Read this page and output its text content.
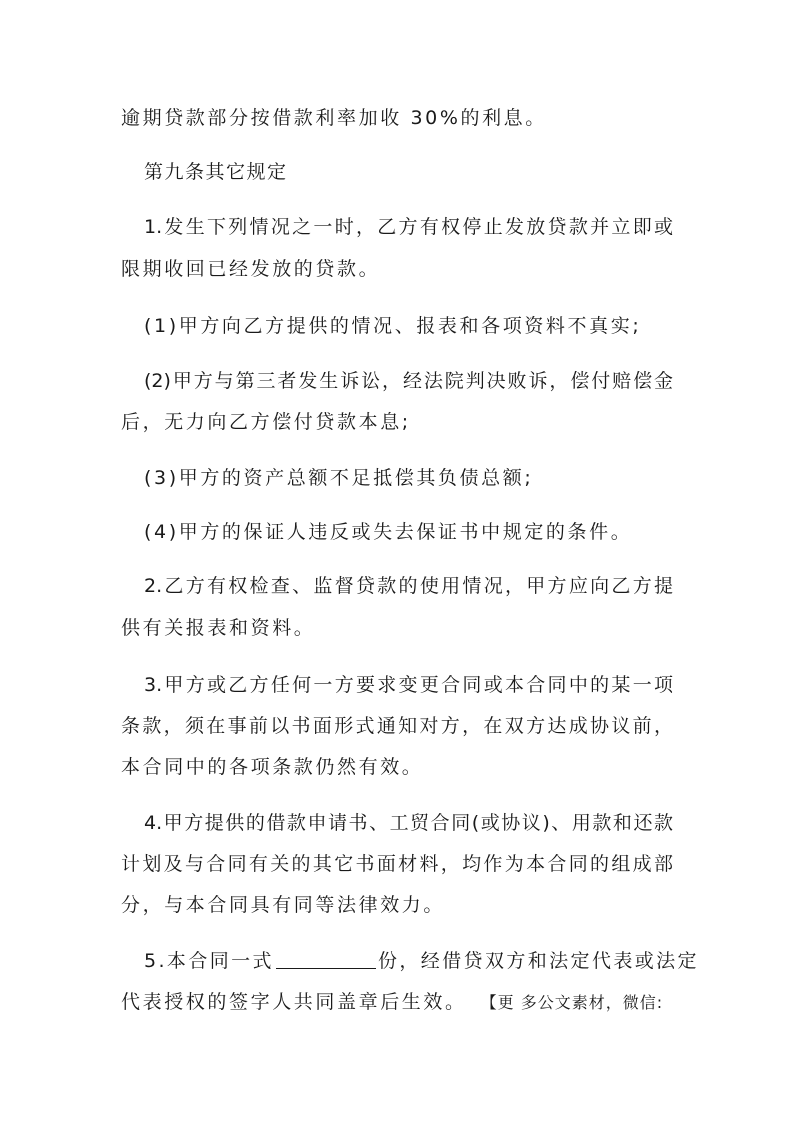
逾期贷款部分按借款利率加收 30%的利息。
第九条其它规定
1.发生下列情况之一时，乙方有权停止发放贷款并立即或
限期收回已经发放的贷款。
(1)甲方向乙方提供的情况、报表和各项资料不真实;
(2)甲方与第三者发生诉讼，经法院判决败诉，偿付赔偿金
后，无力向乙方偿付贷款本息;
(3)甲方的资产总额不足抵偿其负债总额;
(4)甲方的保证人违反或失去保证书中规定的条件。
2.乙方有权检查、监督贷款的使用情况，甲方应向乙方提
供有关报表和资料。
3.甲方或乙方任何一方要求变更合同或本合同中的某一项
条款，须在事前以书面形式通知对方，在双方达成协议前，
本合同中的各项条款仍然有效。
4.甲方提供的借款申请书、工贸合同(或协议)、用款和还款
计划及与合同有关的其它书面材料，均作为本合同的组成部
分，与本合同具有同等法律效力。
5.本合同一式	份，经借贷双方和法定代表或法定
代表授权的签字人共同盖章后生效。 【更 多公文素材，微信:
